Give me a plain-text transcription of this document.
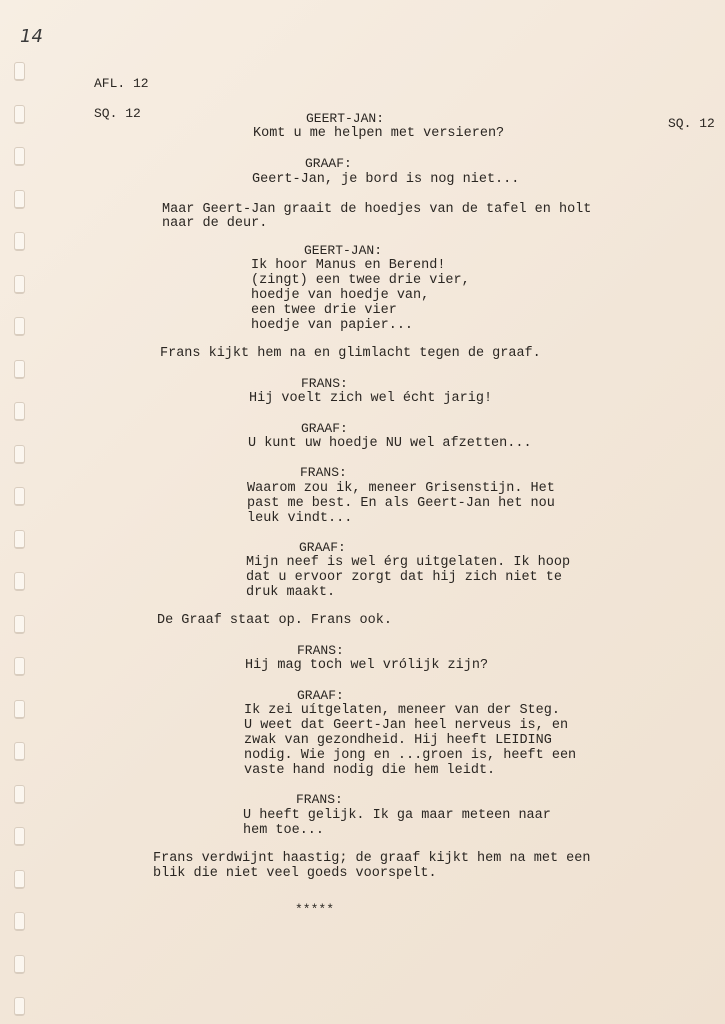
14
AFL. 12
SQ. 12
SQ. 12
GEERT-JAN:
Komt u me helpen met versieren?
GRAAF:
Geert-Jan, je bord is nog niet...
Maar Geert-Jan graait de hoedjes van de tafel en holt
naar de deur.
GEERT-JAN:
Ik hoor Manus en Berend!
(zingt) een twee drie vier,
hoedje van hoedje van,
een twee drie vier
hoedje van papier...
Frans kijkt hem na en glimlacht tegen de graaf.
FRANS:
Hij voelt zich wel écht jarig!
GRAAF:
U kunt uw hoedje NU wel afzetten...
FRANS:
Waarom zou ik, meneer Grisenstijn. Het
past me best. En als Geert-Jan het nou
leuk vindt...
GRAAF:
Mijn neef is wel érg uitgelaten. Ik hoop
dat u ervoor zorgt dat hij zich niet te
druk maakt.
De Graaf staat op. Frans ook.
FRANS:
Hij mag toch wel vrólijk zijn?
GRAAF:
Ik zei uítgelaten, meneer van der Steg.
U weet dat Geert-Jan heel nerveus is, en
zwak van gezondheid. Hij heeft LEIDING
nodig. Wie jong en ...groen is, heeft een
vaste hand nodig die hem leidt.
FRANS:
U heeft gelijk. Ik ga maar meteen naar
hem toe...
Frans verdwijnt haastig; de graaf kijkt hem na met een
blik die niet veel goeds voorspelt.
*****
